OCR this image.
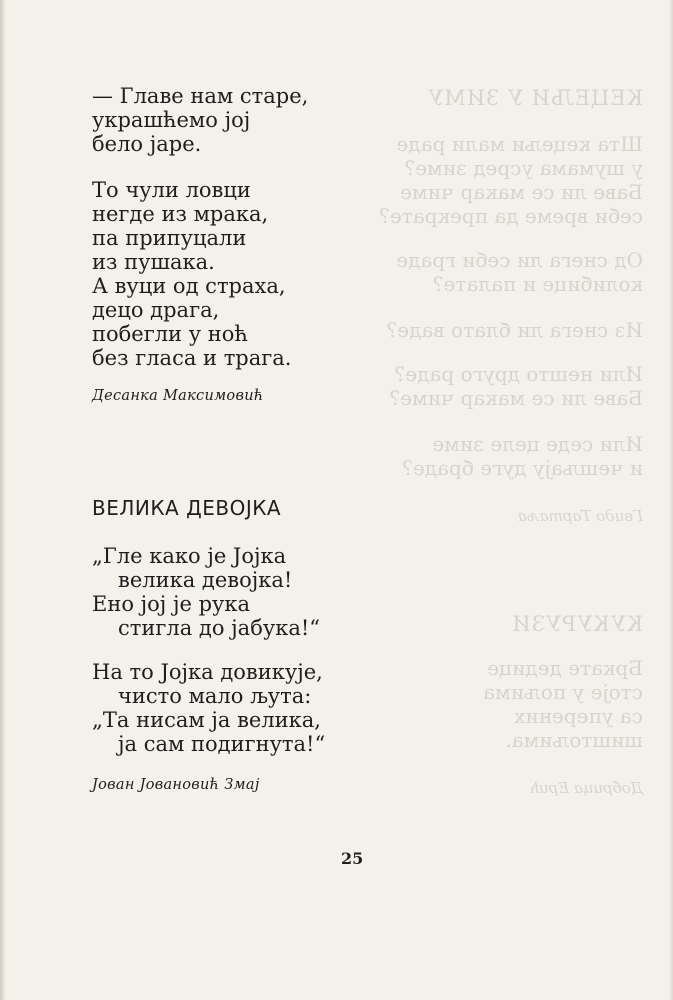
КЕЦЕЉИ У ЗИМУ
Шта кецељи мали раде
у шумама усред зиме?
Баве ли се макар чиме
себи време да прекрате?
Од снега ли себи граде
колибице и палате?
Из снега ли блато ваде?
Или нешто друго раде?
Баве ли се макар чиме?
Или седе целе зиме
и чешљају дуге браде?
Гвидо Тартаља
КУКУРУЗИ
Бркате дедице
стоје у пољима
са уперених
шиштољима.
Добрица Ерић
— Главе нам старе,
украшћемо јој
бело јаре.
То чули ловци
негде из мрака,
па припуцали
из пушака.
А вуци од страха,
децо драга,
побегли у ноћ
без гласа и трага.
Десанка Максимовић
ВЕЛИКА ДЕВОЈКА
„Гле како је Јојка
велика девојка!
Ено јој је рука
стигла до јабука!“
На то Јојка довикује,
чисто мало љута:
„Та нисам ја велика,
ја сам подигнута!“
Јован Јовановић Змај
25
